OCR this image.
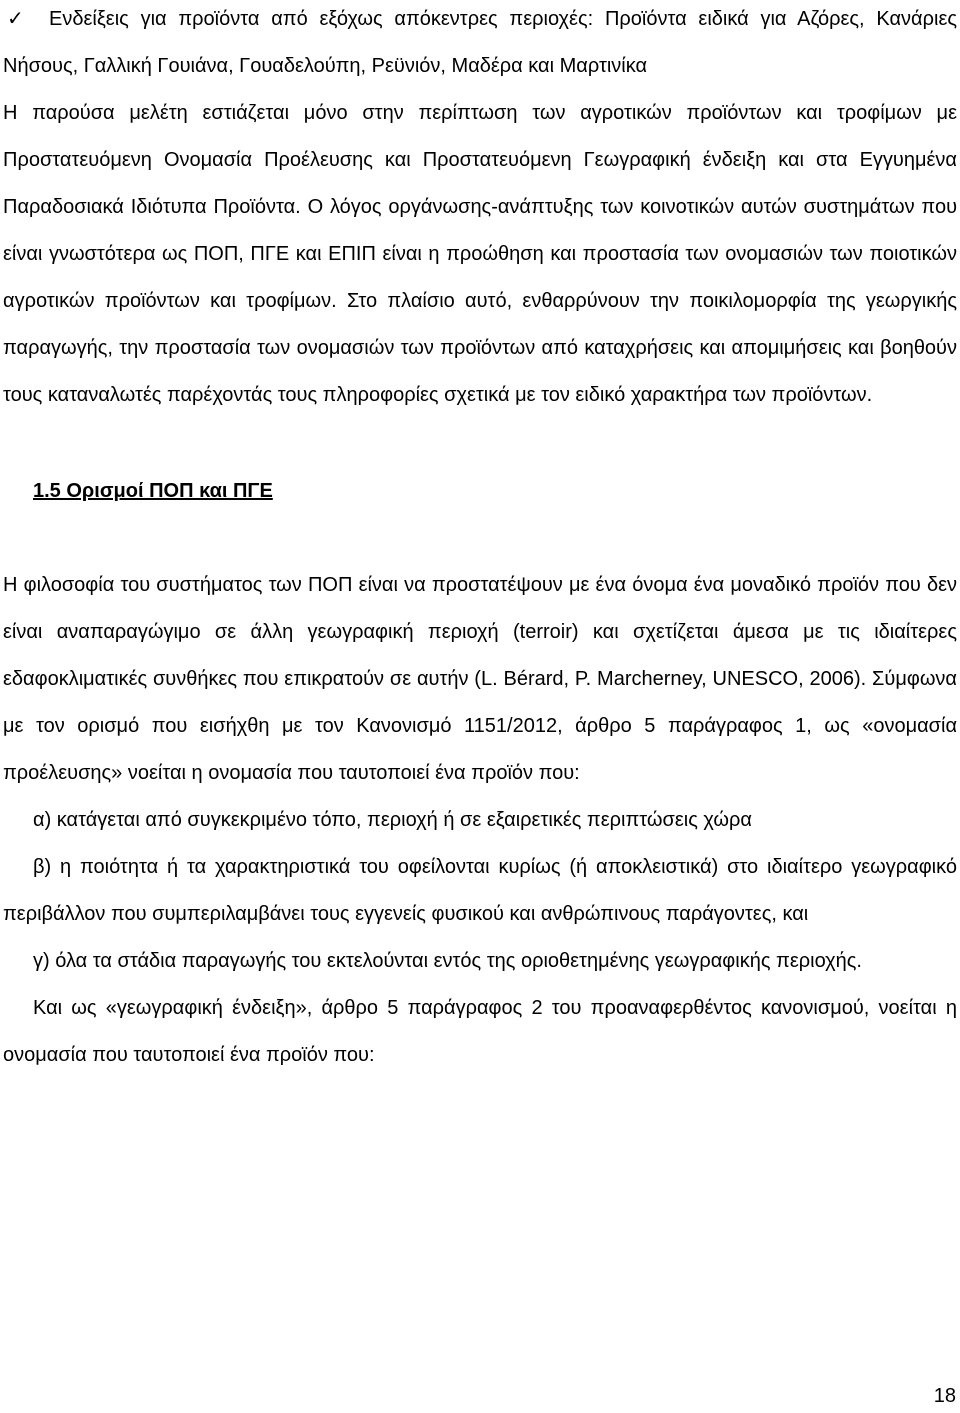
✓ Ενδείξεις για προϊόντα από εξόχως απόκεντρες περιοχές: Προϊόντα ειδικά για Αζόρες, Κανάριες Νήσους, Γαλλική Γουιάνα, Γουαδελούπη, Ρεϋνιόν, Μαδέρα και Μαρτινίκα

Η παρούσα μελέτη εστιάζεται μόνο στην περίπτωση των αγροτικών προϊόντων και τροφίμων με Προστατευόμενη Ονομασία Προέλευσης και Προστατευόμενη Γεωγραφική ένδειξη και στα Εγγυημένα Παραδοσιακά Ιδιότυπα Προϊόντα. Ο λόγος οργάνωσης-ανάπτυξης των κοινοτικών αυτών συστημάτων που είναι γνωστότερα ως ΠΟΠ, ΠΓΕ και ΕΠΙΠ είναι η προώθηση και προστασία των ονομασιών των ποιοτικών αγροτικών προϊόντων και τροφίμων. Στο πλαίσιο αυτό, ενθαρρύνουν την ποικιλομορφία της γεωργικής παραγωγής, την προστασία των ονομασιών των προϊόντων από καταχρήσεις και απομιμήσεις και βοηθούν τους καταναλωτές παρέχοντάς τους πληροφορίες σχετικά με τον ειδικό χαρακτήρα των προϊόντων.

1.5 Ορισμοί ΠΟΠ και ΠΓΕ

Η φιλοσοφία του συστήματος των ΠΟΠ είναι να προστατέψουν με ένα όνομα ένα μοναδικό προϊόν που δεν είναι αναπαραγώγιμο σε άλλη γεωγραφική περιοχή (terroir) και σχετίζεται άμεσα με τις ιδιαίτερες εδαφοκλιματικές συνθήκες που επικρατούν σε αυτήν (L. Bérard, P. Marcherney, UNESCO, 2006). Σύμφωνα με τον ορισμό που εισήχθη με τον Κανονισμό 1151/2012, άρθρο 5 παράγραφος 1, ως «ονομασία προέλευσης» νοείται η ονομασία που ταυτοποιεί ένα προϊόν που:

α) κατάγεται από συγκεκριμένο τόπο, περιοχή ή σε εξαιρετικές περιπτώσεις χώρα

β) η ποιότητα ή τα χαρακτηριστικά του οφείλονται κυρίως (ή αποκλειστικά) στο ιδιαίτερο γεωγραφικό περιβάλλον που συμπεριλαμβάνει τους εγγενείς φυσικού και ανθρώπινους παράγοντες, και

γ) όλα τα στάδια παραγωγής του εκτελούνται εντός της οριοθετημένης γεωγραφικής περιοχής.

Και ως «γεωγραφική ένδειξη», άρθρο 5 παράγραφος 2 του προαναφερθέντος κανονισμού, νοείται η ονομασία που ταυτοποιεί ένα προϊόν που:

18
